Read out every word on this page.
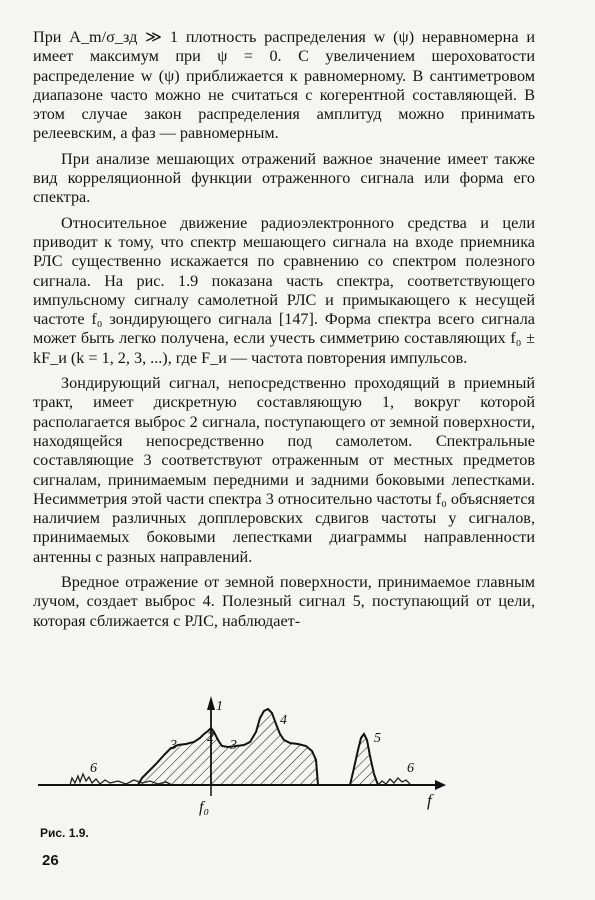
При A_m/σ_зд ≫ 1 плотность распределения w (ψ) неравномерна и имеет максимум при ψ = 0. С увеличением шероховатости распределение w (ψ) приближается к равномерному. В сантиметровом диапазоне часто можно не считаться с когерентной составляющей. В этом случае закон распределения амплитуд можно принимать релеевским, а фаз — равномерным.

При анализе мешающих отражений важное значение имеет также вид корреляционной функции отраженного сигнала или форма его спектра.

Относительное движение радиоэлектронного средства и цели приводит к тому, что спектр мешающего сигнала на входе приемника РЛС существенно искажается по сравнению со спектром полезного сигнала. На рис. 1.9 показана часть спектра, соответствующего импульсному сигналу самолетной РЛС и примыкающего к несущей частоте f₀ зондирующего сигнала [147]. Форма спектра всего сигнала может быть легко получена, если учесть симметрию составляющих f₀ ± kF_и (k = 1, 2, 3, ...), где F_и — частота повторения импульсов.

Зондирующий сигнал, непосредственно проходящий в приемный тракт, имеет дискретную составляющую 1, вокруг которой располагается выброс 2 сигнала, поступающего от земной поверхности, находящейся непосредственно под самолетом. Спектральные составляющие 3 соответствуют отраженным от местных предметов сигналам, принимаемым передними и задними боковыми лепестками. Несимметрия этой части спектра 3 относительно частоты f₀ объясняется наличием различных допплеровских сдвигов частоты у сигналов, принимаемых боковыми лепестками диаграммы направленности антенны с разных направлений.

Вредное отражение от земной поверхности, принимаемое главным лучом, создает выброс 4. Полезный сигнал 5, поступающий от цели, которая сближается с РЛС, наблюдает-

1
2
3	3
4
5
6	6
f₀	f
Рис. 1.9.
26
